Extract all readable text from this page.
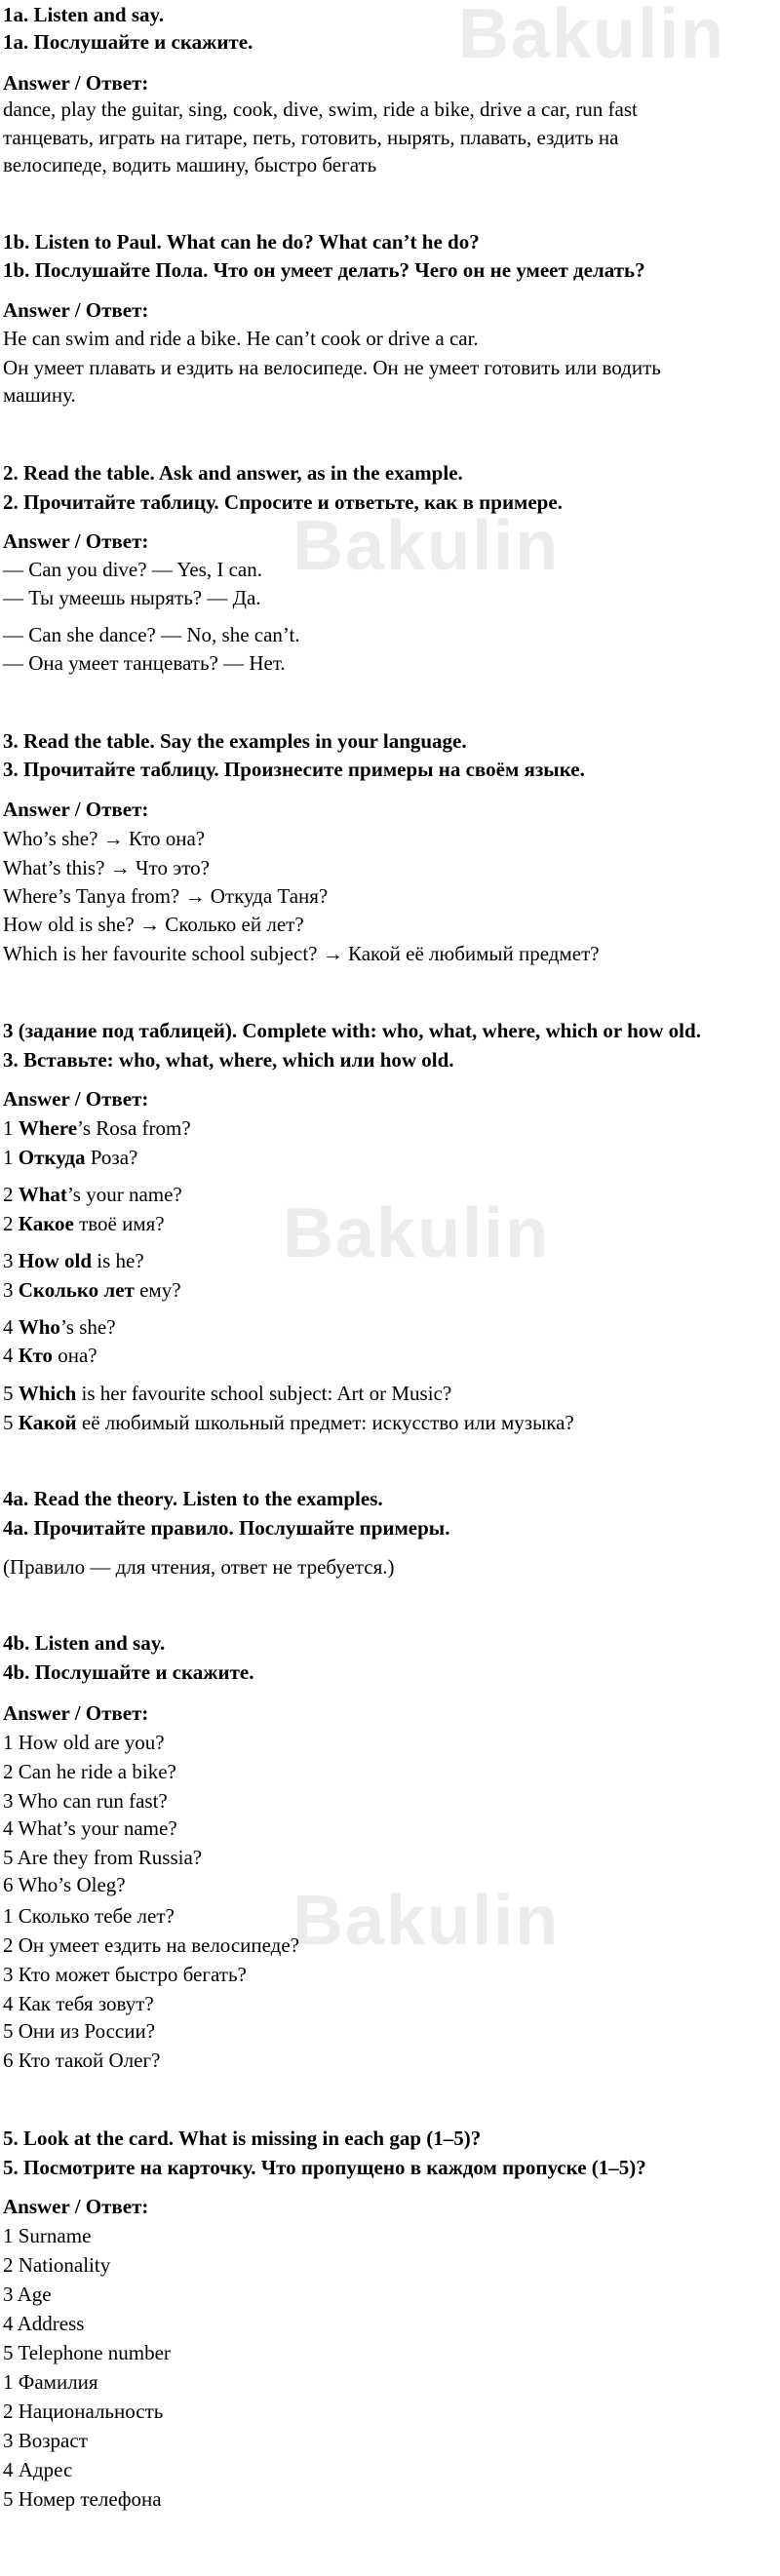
Bakulin
Bakulin
Bakulin
Bakulin
1a. Listen and say.
1a. Послушайте и скажите.
Answer / Ответ:
dance, play the guitar, sing, cook, dive, swim, ride a bike, drive a car, run fast
танцевать, играть на гитаре, петь, готовить, нырять, плавать, ездить на
велосипеде, водить машину, быстро бегать
1b. Listen to Paul. What can he do? What can’t he do?
1b. Послушайте Пола. Что он умеет делать? Чего он не умеет делать?
Answer / Ответ:
He can swim and ride a bike. He can’t cook or drive a car.
Он умеет плавать и ездить на велосипеде. Он не умеет готовить или водить
машину.
2. Read the table. Ask and answer, as in the example.
2. Прочитайте таблицу. Спросите и ответьте, как в примере.
Answer / Ответ:
— Can you dive? — Yes, I can.
— Ты умеешь нырять? — Да.
— Can she dance? — No, she can’t.
— Она умеет танцевать? — Нет.
3. Read the table. Say the examples in your language.
3. Прочитайте таблицу. Произнесите примеры на своём языке.
Answer / Ответ:
Who’s she? → Кто она?
What’s this? → Что это?
Where’s Tanya from? → Откуда Таня?
How old is she? → Сколько ей лет?
Which is her favourite school subject? → Какой её любимый предмет?
3 (задание под таблицей). Complete with: who, what, where, which or how old.
3. Вставьте: who, what, where, which или how old.
Answer / Ответ:
1 Where’s Rosa from?
1 Откуда Роза?
2 What’s your name?
2 Какое твоё имя?
3 How old is he?
3 Сколько лет ему?
4 Who’s she?
4 Кто она?
5 Which is her favourite school subject: Art or Music?
5 Какой её любимый школьный предмет: искусство или музыка?
4a. Read the theory. Listen to the examples.
4a. Прочитайте правило. Послушайте примеры.
(Правило — для чтения, ответ не требуется.)
4b. Listen and say.
4b. Послушайте и скажите.
Answer / Ответ:
1 How old are you?
2 Can he ride a bike?
3 Who can run fast?
4 What’s your name?
5 Are they from Russia?
6 Who’s Oleg?
1 Сколько тебе лет?
2 Он умеет ездить на велосипеде?
3 Кто может быстро бегать?
4 Как тебя зовут?
5 Они из России?
6 Кто такой Олег?
5. Look at the card. What is missing in each gap (1–5)?
5. Посмотрите на карточку. Что пропущено в каждом пропуске (1–5)?
Answer / Ответ:
1 Surname
2 Nationality
3 Age
4 Address
5 Telephone number
1 Фамилия
2 Национальность
3 Возраст
4 Адрес
5 Номер телефона
